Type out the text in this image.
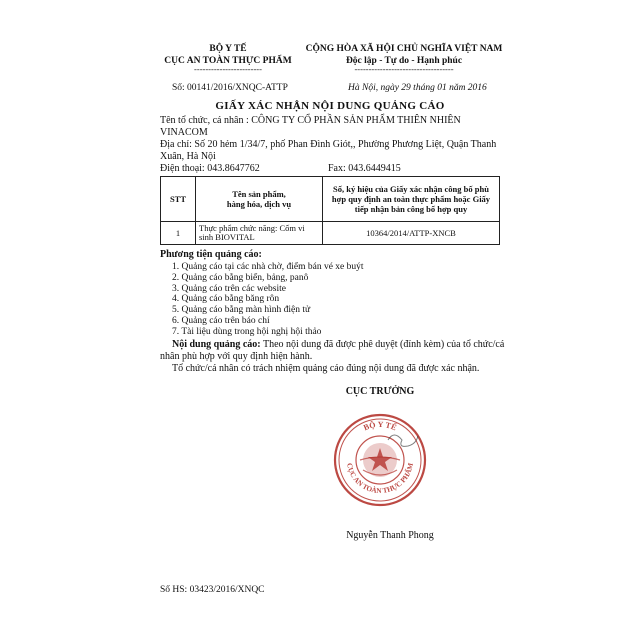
BỘ Y TẾ
CỤC AN TOÀN THỰC PHẨM
------------------------
CỘNG HÒA XÃ HỘI CHỦ NGHĨA VIỆT NAM
Độc lập - Tự do - Hạnh phúc
-----------------------------------
Số: 00141/2016/XNQC-ATTP	Hà Nội, ngày 29 tháng 01 năm 2016
GIẤY XÁC NHẬN NỘI DUNG QUẢNG CÁO
Tên tổ chức, cá nhân : CÔNG TY CỔ PHẦN SẢN PHẨM THIÊN NHIÊN
VINACOM
Địa chỉ: Số 20 hẻm 1/34/7, phố Phan Đình Giót,, Phường Phương Liệt, Quận Thanh
Xuân, Hà Nội
Điện thoại: 043.8647762	Fax: 043.6449415
STT	Tên sản phẩm, hàng hóa, dịch vụ	Số, ký hiệu của Giấy xác nhận công bố phù hợp quy định an toàn thực phẩm hoặc Giấy tiếp nhận bản công bố hợp quy
1	Thực phẩm chức năng: Cốm vi sinh BIOVITAL	10364/2014/ATTP-XNCB
Phương tiện quảng cáo:
1. Quảng cáo tại các nhà chờ, điểm bán vé xe buýt
2. Quảng cáo bằng biển, bảng, panô
3. Quảng cáo trên các website
4. Quảng cáo bằng băng rôn
5. Quảng cáo bằng màn hình điện tử
6. Quảng cáo trên báo chí
7. Tài liệu dùng trong hội nghị hội thảo
Nội dung quảng cáo: Theo nội dung đã được phê duyệt (đính kèm) của tổ chức/cá
nhân phù hợp với quy định hiện hành.
Tổ chức/cá nhân có trách nhiệm quảng cáo đúng nội dung đã được xác nhận.
CỤC TRƯỞNG
BỘ Y TẾ
CỤC AN TOÀN THỰC PHẨM
Nguyễn Thanh Phong
Số HS: 03423/2016/XNQC
